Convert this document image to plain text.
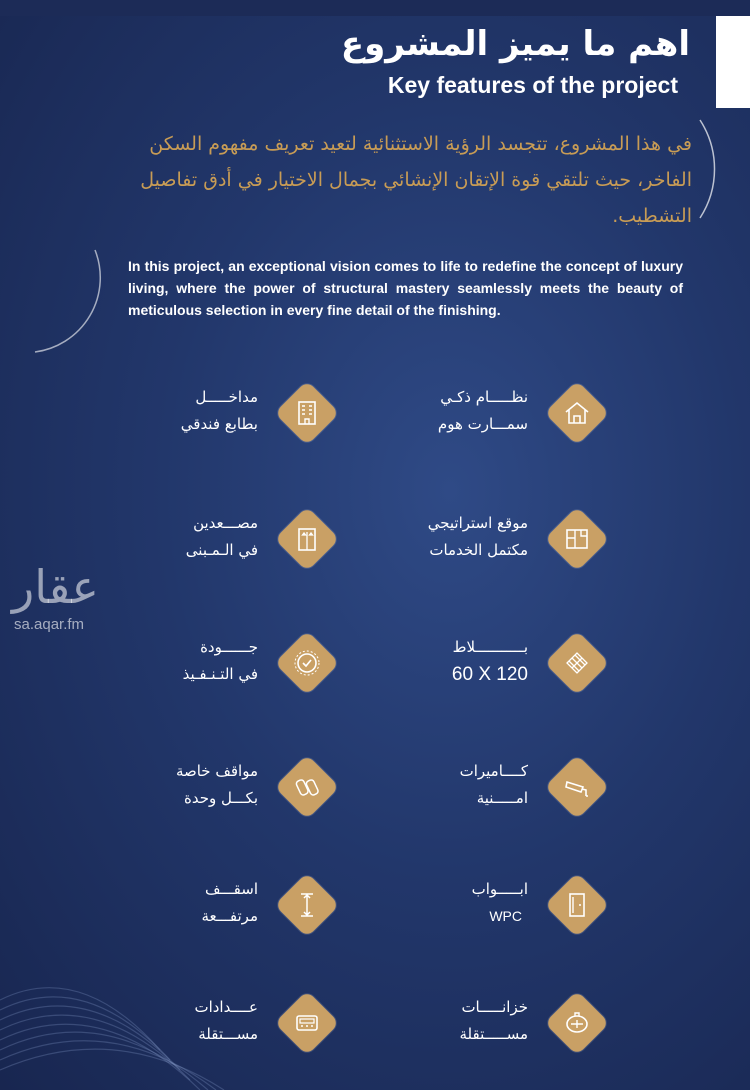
اهم ما يميز المشروع
Key features of the project
في هذا المشروع، تتجسد الرؤية الاستثنائية لتعيد تعريف مفهوم السكن الفاخر، حيث تلتقي قوة الإتقان الإنشائي بجمال الاختيار في أدق تفاصيل التشطيب.
In this project, an exceptional vision comes to life to redefine the concept of luxury living, where the power of structural mastery seamlessly meets the beauty of meticulous selection in every fine detail of the finishing.
نظـــــام ذكـي
سمـــارت هوم
مداخـــــل
بطابع فندقي
موقع استراتيجي
مكتمل الخدمات
مصـــعدين
في الـمـبنى
بـــــــــــلاط
60 X 120
جــــــودة
في التـنـفـيذ
كــــاميرات
امـــــنية
مواقف خاصة
بكـــل وحدة
ابـــــواب
WPC
اسقـــف
مرتفـــعة
خزانـــــات
مســـــتقلة
عــــدادات
مســـتقلة
عقار
sa.aqar.fm
